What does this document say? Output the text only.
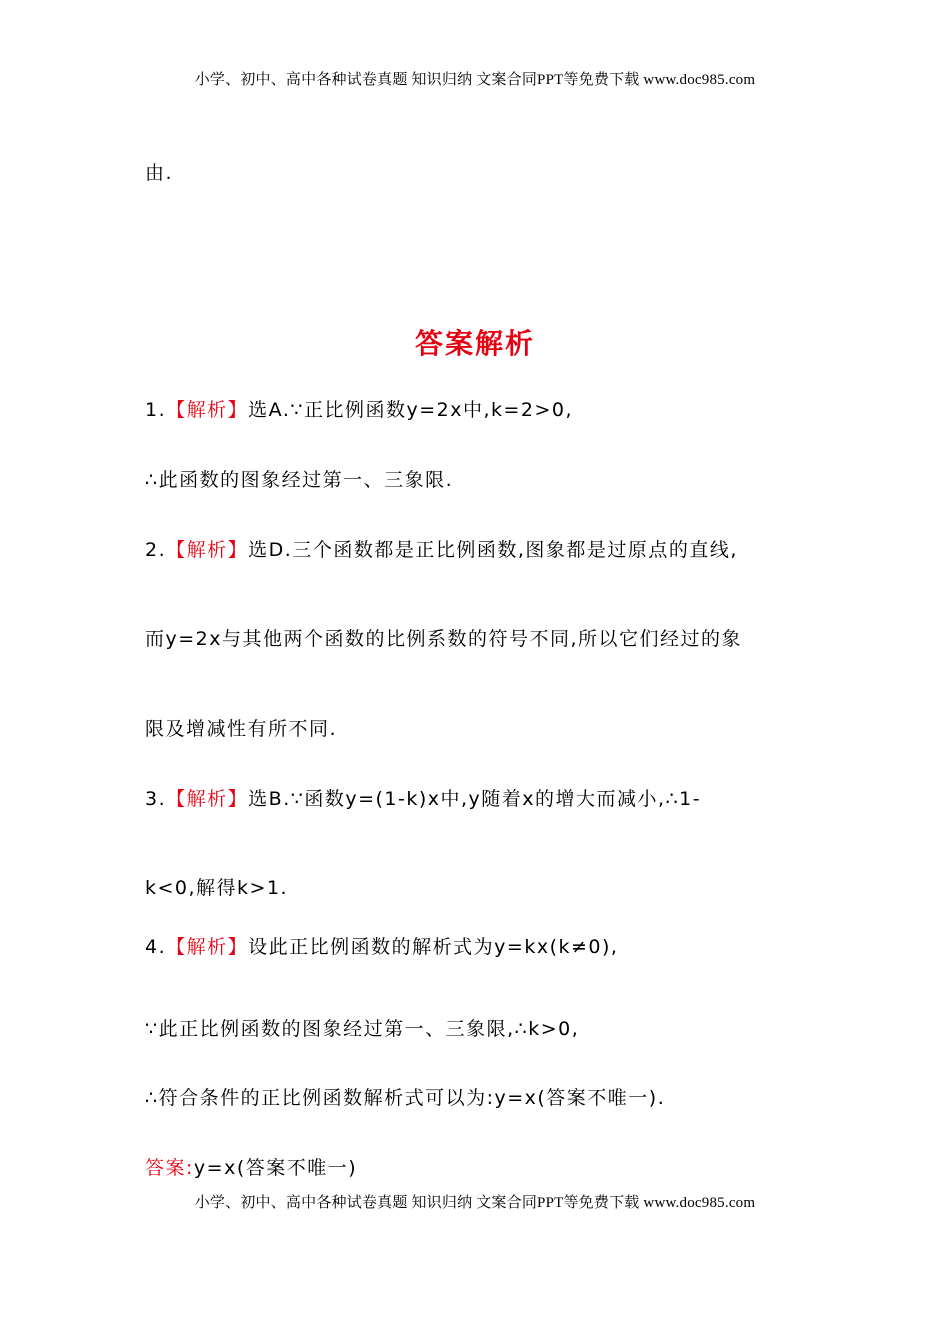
小学、初中、高中各种试卷真题 知识归纳 文案合同PPT等免费下载 www.doc985.com
由.
答案解析
1.【解析】选A.∵正比例函数y=2x中,k=2>0,
∴此函数的图象经过第一、三象限.
2.【解析】选D.三个函数都是正比例函数,图象都是过原点的直线,
而y=2x与其他两个函数的比例系数的符号不同,所以它们经过的象
限及增减性有所不同.
3.【解析】选B.∵函数y=(1-k)x中,y随着x的增大而减小,∴1-
k<0,解得k>1.
4.【解析】设此正比例函数的解析式为y=kx(k≠0),
∵此正比例函数的图象经过第一、三象限,∴k>0,
∴符合条件的正比例函数解析式可以为:y=x(答案不唯一).
答案:y=x(答案不唯一)
小学、初中、高中各种试卷真题 知识归纳 文案合同PPT等免费下载 www.doc985.com
